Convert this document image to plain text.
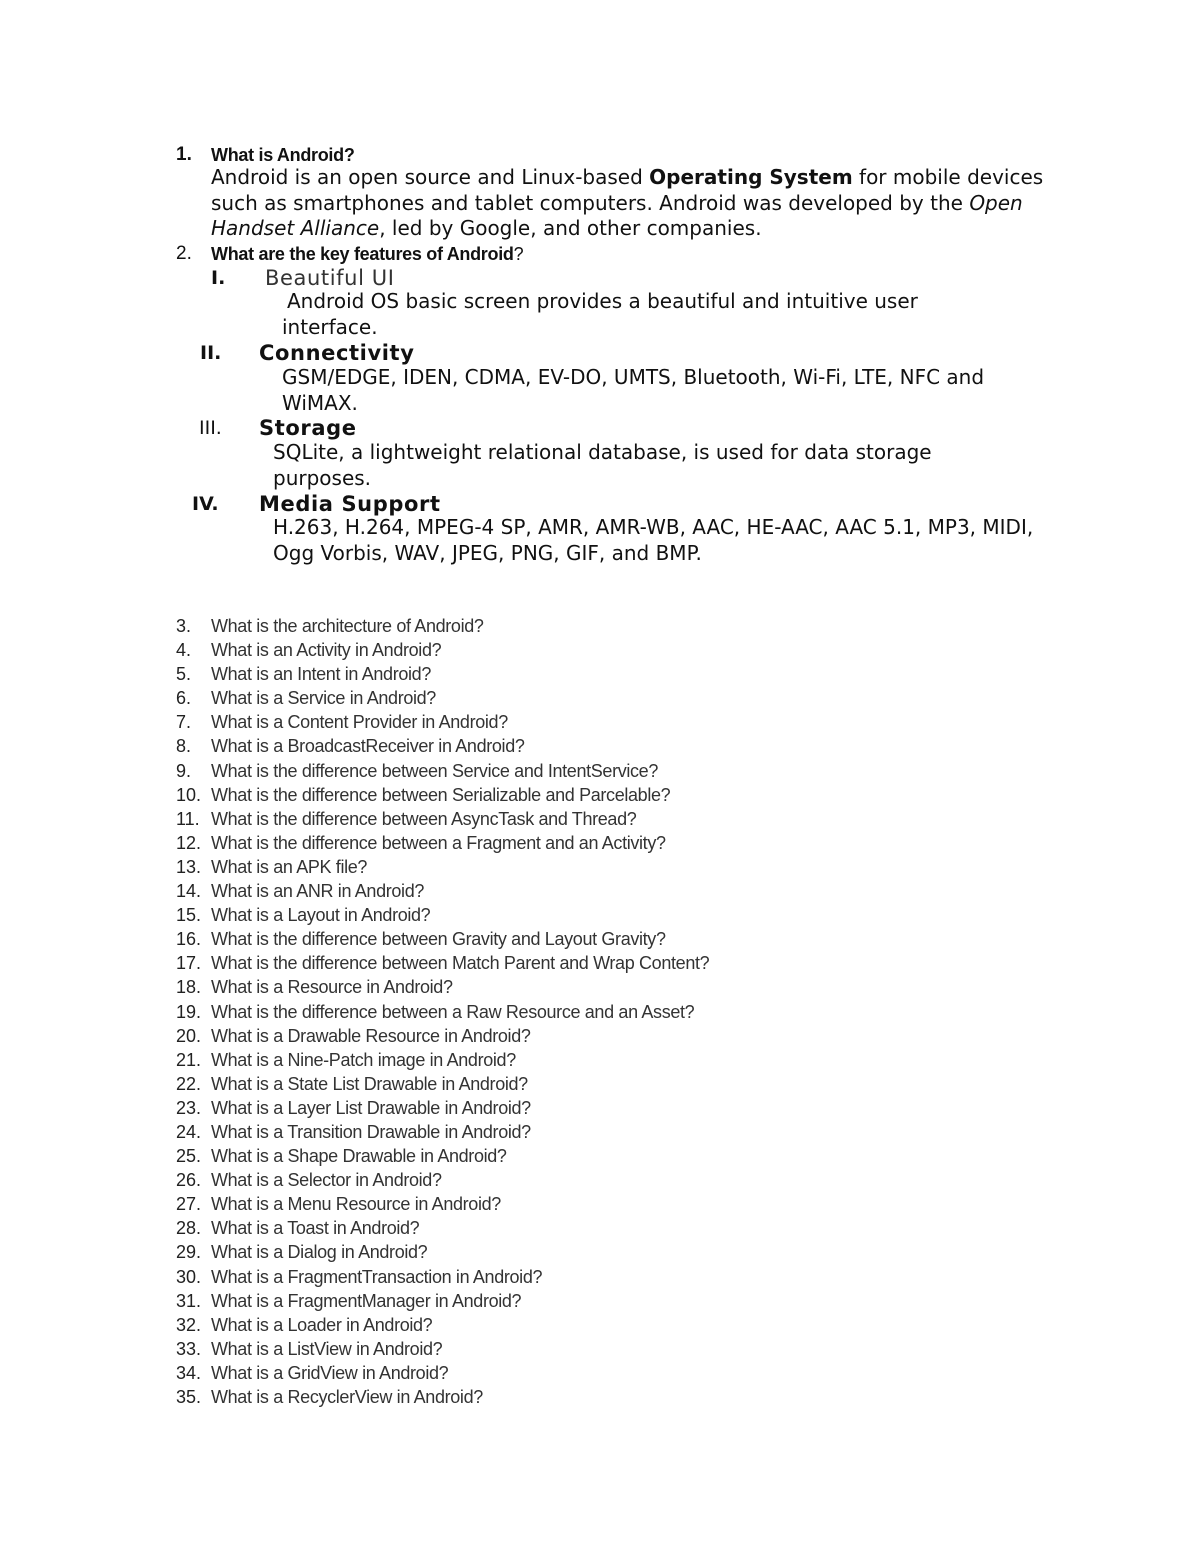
1. What is Android?
Android is an open source and Linux-based Operating System for mobile devices such as smartphones and tablet computers. Android was developed by the Open Handset Alliance, led by Google, and other companies.
2. What are the key features of Android?
I. Beautiful UI
Android OS basic screen provides a beautiful and intuitive user interface.
II. Connectivity
GSM/EDGE, IDEN, CDMA, EV-DO, UMTS, Bluetooth, Wi-Fi, LTE, NFC and WiMAX.
III. Storage
SQLite, a lightweight relational database, is used for data storage purposes.
IV. Media Support
H.263, H.264, MPEG-4 SP, AMR, AMR-WB, AAC, HE-AAC, AAC 5.1, MP3, MIDI, Ogg Vorbis, WAV, JPEG, PNG, GIF, and BMP.
3. What is the architecture of Android?
4. What is an Activity in Android?
5. What is an Intent in Android?
6. What is a Service in Android?
7. What is a Content Provider in Android?
8. What is a BroadcastReceiver in Android?
9. What is the difference between Service and IntentService?
10. What is the difference between Serializable and Parcelable?
11. What is the difference between AsyncTask and Thread?
12. What is the difference between a Fragment and an Activity?
13. What is an APK file?
14. What is an ANR in Android?
15. What is a Layout in Android?
16. What is the difference between Gravity and Layout Gravity?
17. What is the difference between Match Parent and Wrap Content?
18. What is a Resource in Android?
19. What is the difference between a Raw Resource and an Asset?
20. What is a Drawable Resource in Android?
21. What is a Nine-Patch image in Android?
22. What is a State List Drawable in Android?
23. What is a Layer List Drawable in Android?
24. What is a Transition Drawable in Android?
25. What is a Shape Drawable in Android?
26. What is a Selector in Android?
27. What is a Menu Resource in Android?
28. What is a Toast in Android?
29. What is a Dialog in Android?
30. What is a FragmentTransaction in Android?
31. What is a FragmentManager in Android?
32. What is a Loader in Android?
33. What is a ListView in Android?
34. What is a GridView in Android?
35. What is a RecyclerView in Android?
